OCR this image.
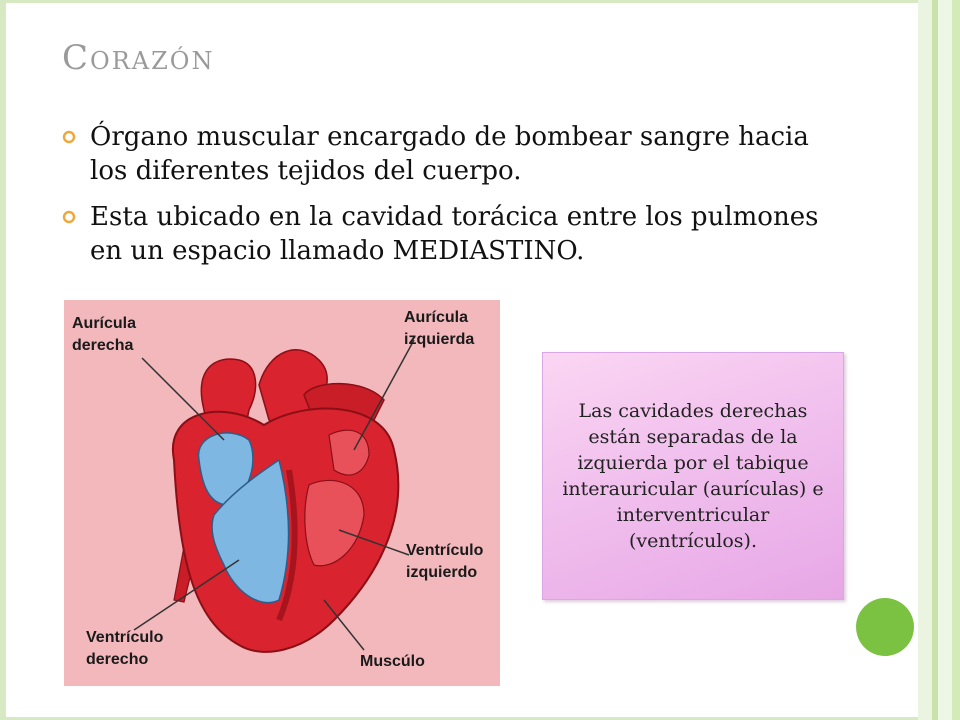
Corazón
Órgano muscular encargado de bombear sangre hacia los diferentes tejidos del cuerpo.
Esta ubicado en la cavidad torácica entre los pulmones en un espacio llamado MEDIASTINO.
Aurícula
derecha
Aurícula
izquierda
Ventrículo
izquierdo
Ventrículo
derecho	Muscúlo
Las cavidades derechas están separadas de la izquierda por el tabique interauricular (aurículas) e interventricular (ventrículos).
